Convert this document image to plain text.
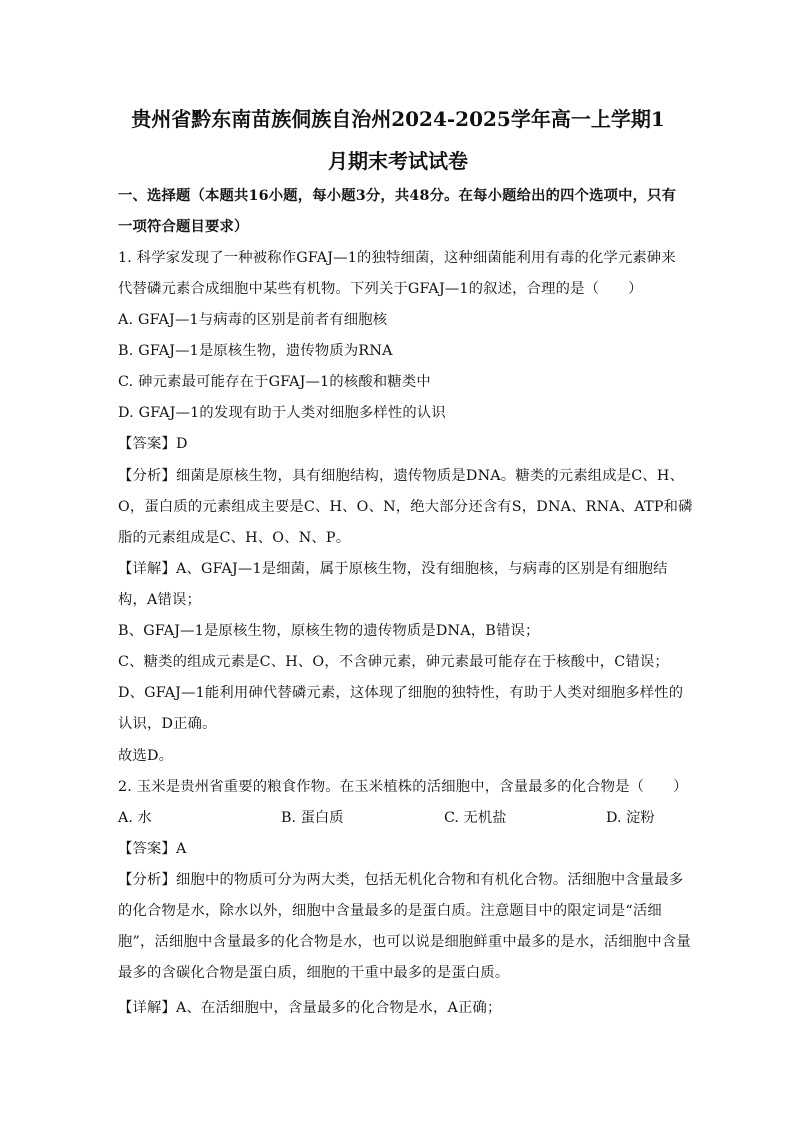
贵州省黔东南苗族侗族自治州2024-2025学年高一上学期1
月期末考试试卷
一、选择题（本题共16小题，每小题3分，共48分。在每小题给出的四个选项中，只有
一项符合题目要求）
1. 科学家发现了一种被称作GFAJ—1的独特细菌，这种细菌能利用有毒的化学元素砷来
代替磷元素合成细胞中某些有机物。下列关于GFAJ—1的叙述，合理的是（　　）
A. GFAJ—1与病毒的区别是前者有细胞核
B. GFAJ—1是原核生物，遗传物质为RNA
C. 砷元素最可能存在于GFAJ—1的核酸和糖类中
D. GFAJ—1的发现有助于人类对细胞多样性的认识
【答案】D
【分析】细菌是原核生物，具有细胞结构，遗传物质是DNA。糖类的元素组成是C、H、
O，蛋白质的元素组成主要是C、H、O、N，绝大部分还含有S，DNA、RNA、ATP和磷
脂的元素组成是C、H、O、N、P。
【详解】A、GFAJ—1是细菌，属于原核生物，没有细胞核，与病毒的区别是有细胞结
构，A错误；
B、GFAJ—1是原核生物，原核生物的遗传物质是DNA，B错误；
C、糖类的组成元素是C、H、O，不含砷元素，砷元素最可能存在于核酸中，C错误；
D、GFAJ—1能利用砷代替磷元素，这体现了细胞的独特性，有助于人类对细胞多样性的
认识，D正确。
故选D。
2. 玉米是贵州省重要的粮食作物。在玉米植株的活细胞中，含量最多的化合物是（　　）
A. 水	B. 蛋白质	C. 无机盐	D. 淀粉
【答案】A
【分析】细胞中的物质可分为两大类，包括无机化合物和有机化合物。活细胞中含量最多
的化合物是水，除水以外，细胞中含量最多的是蛋白质。注意题目中的限定词是“活细
胞”，活细胞中含量最多的化合物是水，也可以说是细胞鲜重中最多的是水，活细胞中含量
最多的含碳化合物是蛋白质，细胞的干重中最多的是蛋白质。
【详解】A、在活细胞中，含量最多的化合物是水，A正确；
